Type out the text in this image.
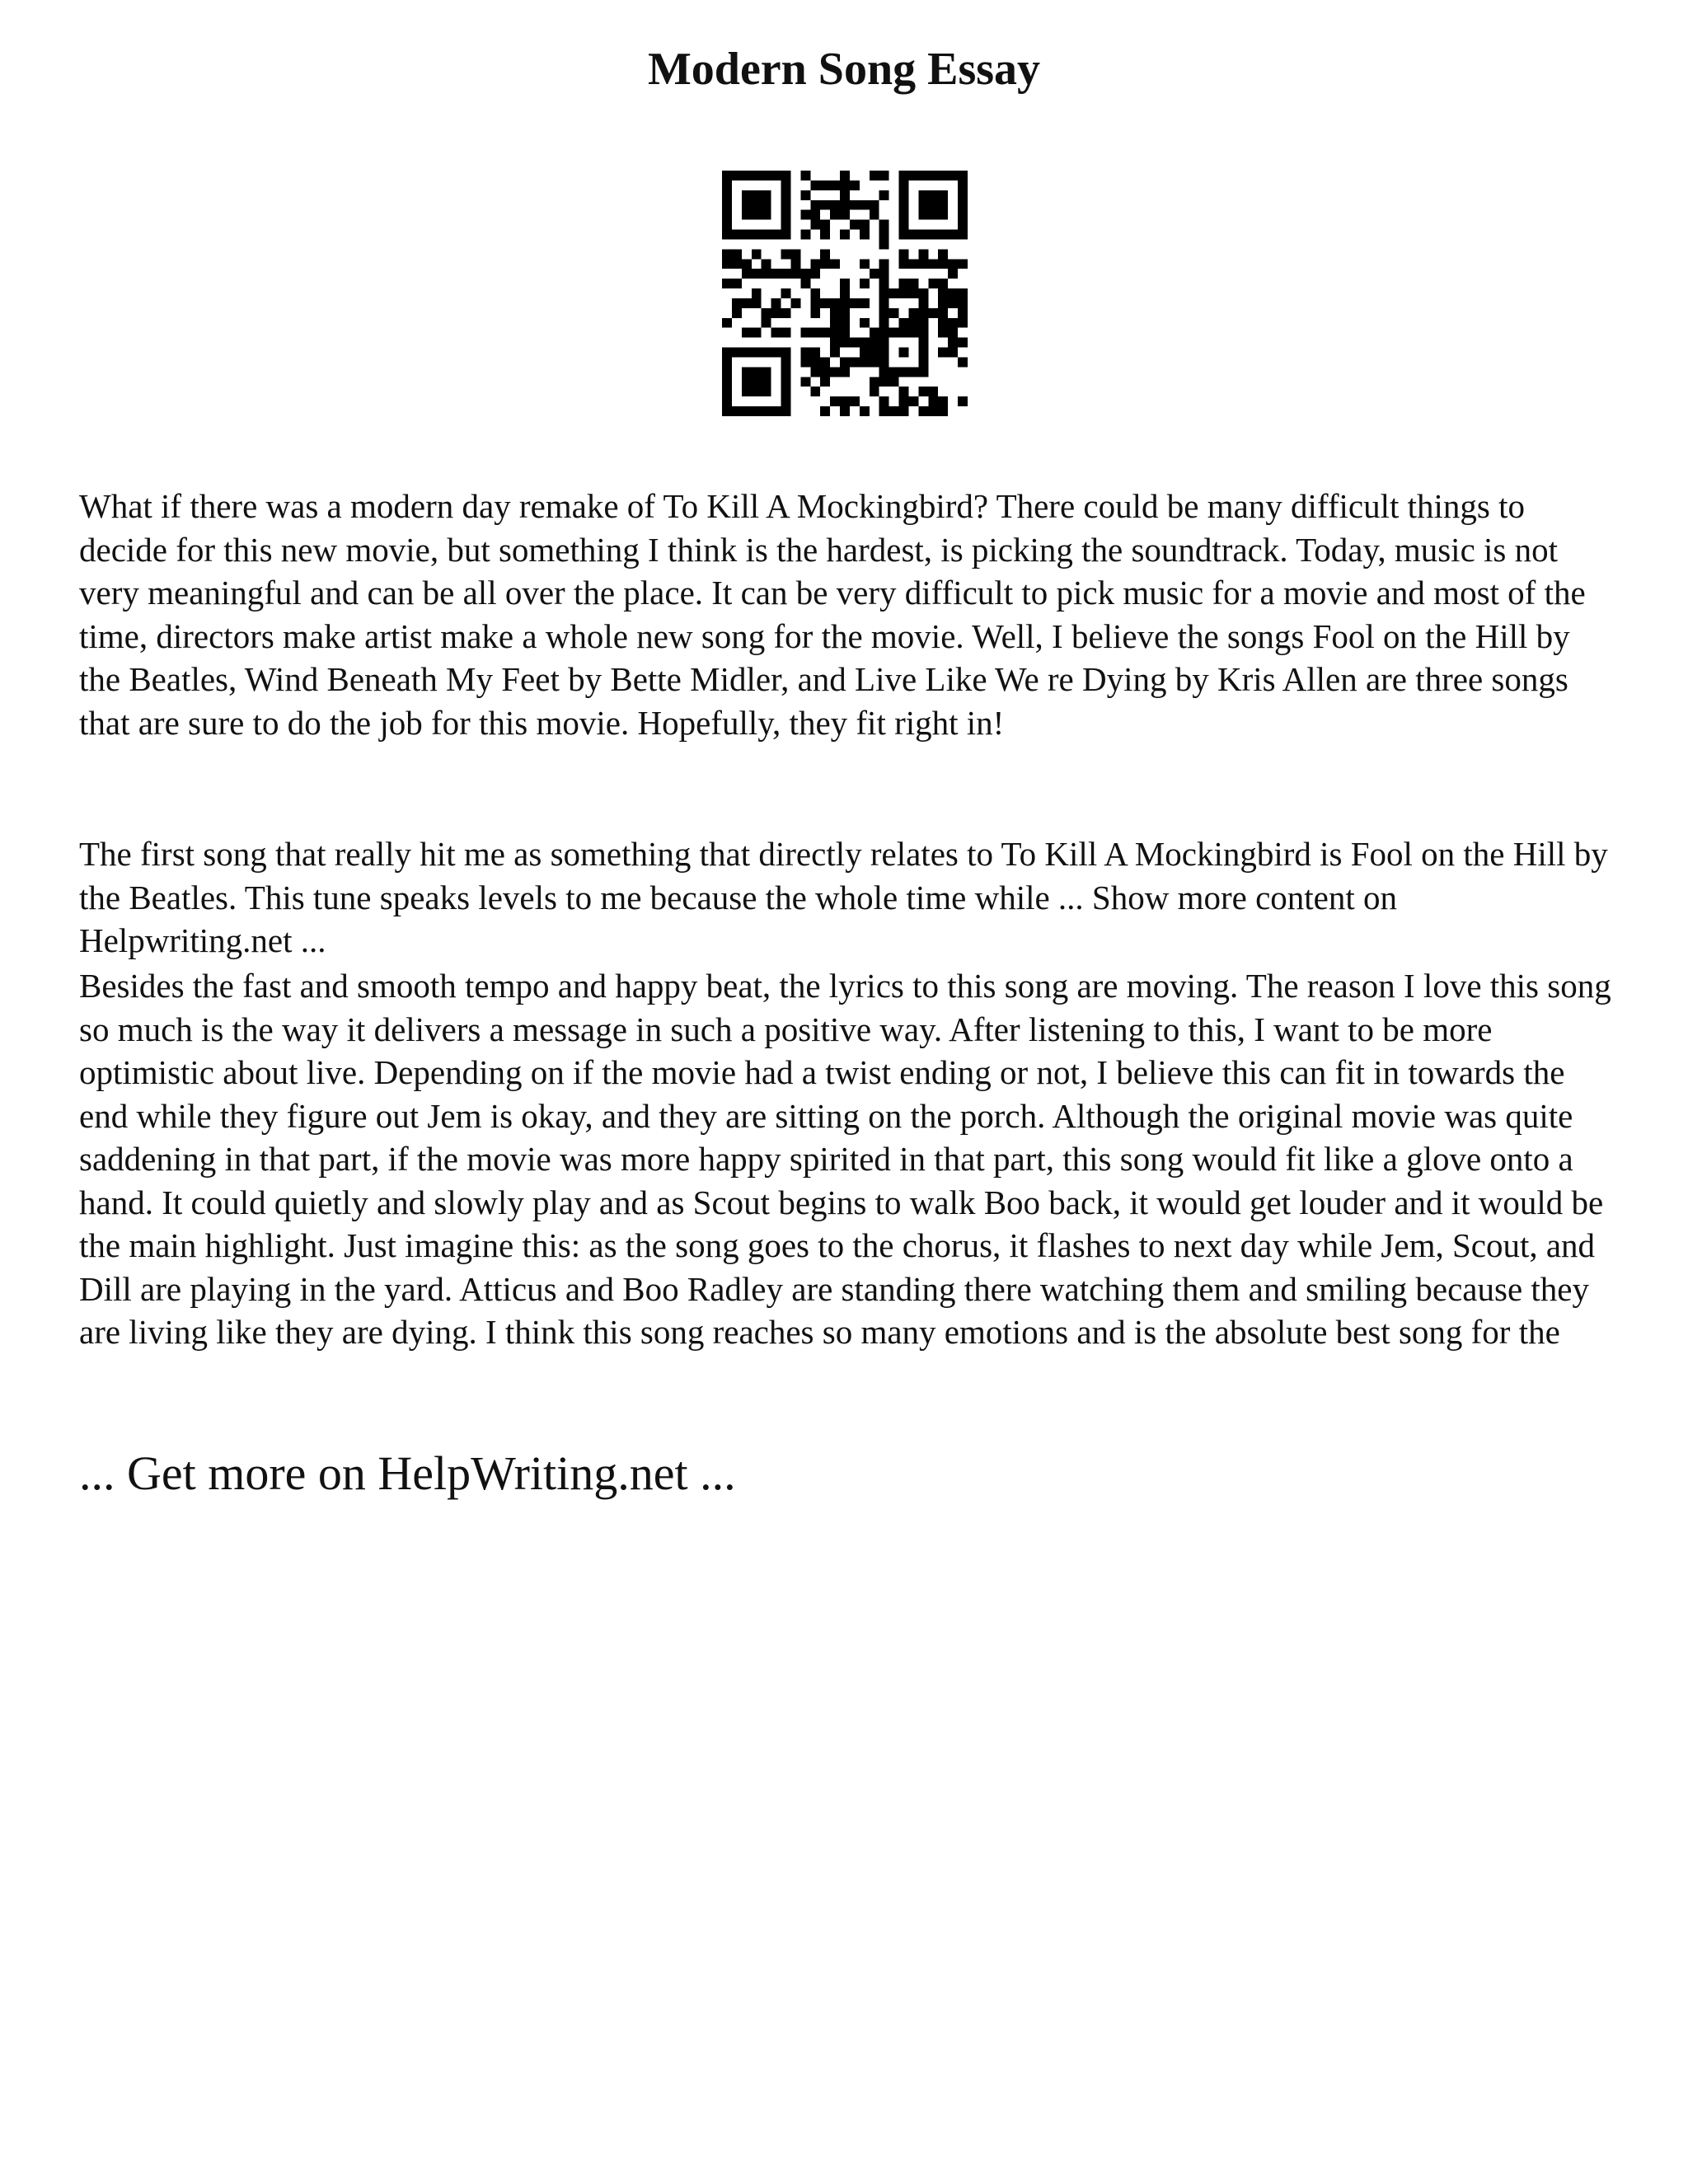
Modern Song Essay

What if there was a modern day remake of To Kill A Mockingbird? There could be many difficult things to decide for this new movie, but something I think is the hardest, is picking the soundtrack. Today, music is not very meaningful and can be all over the place. It can be very difficult to pick music for a movie and most of the time, directors make artist make a whole new song for the movie. Well, I believe the songs Fool on the Hill by the Beatles, Wind Beneath My Feet by Bette Midler, and Live Like We re Dying by Kris Allen are three songs that are sure to do the job for this movie. Hopefully, they fit right in!

The first song that really hit me as something that directly relates to To Kill A Mockingbird is Fool on the Hill by the Beatles. This tune speaks levels to me because the whole time while ... Show more content on Helpwriting.net ...

Besides the fast and smooth tempo and happy beat, the lyrics to this song are moving. The reason I love this song so much is the way it delivers a message in such a positive way. After listening to this, I want to be more optimistic about live. Depending on if the movie had a twist ending or not, I believe this can fit in towards the end while they figure out Jem is okay, and they are sitting on the porch. Although the original movie was quite saddening in that part, if the movie was more happy spirited in that part, this song would fit like a glove onto a hand. It could quietly and slowly play and as Scout begins to walk Boo back, it would get louder and it would be the main highlight. Just imagine this: as the song goes to the chorus, it flashes to next day while Jem, Scout, and Dill are playing in the yard. Atticus and Boo Radley are standing there watching them and smiling because they are living like they are dying. I think this song reaches so many emotions and is the absolute best song for the

... Get more on HelpWriting.net ...
